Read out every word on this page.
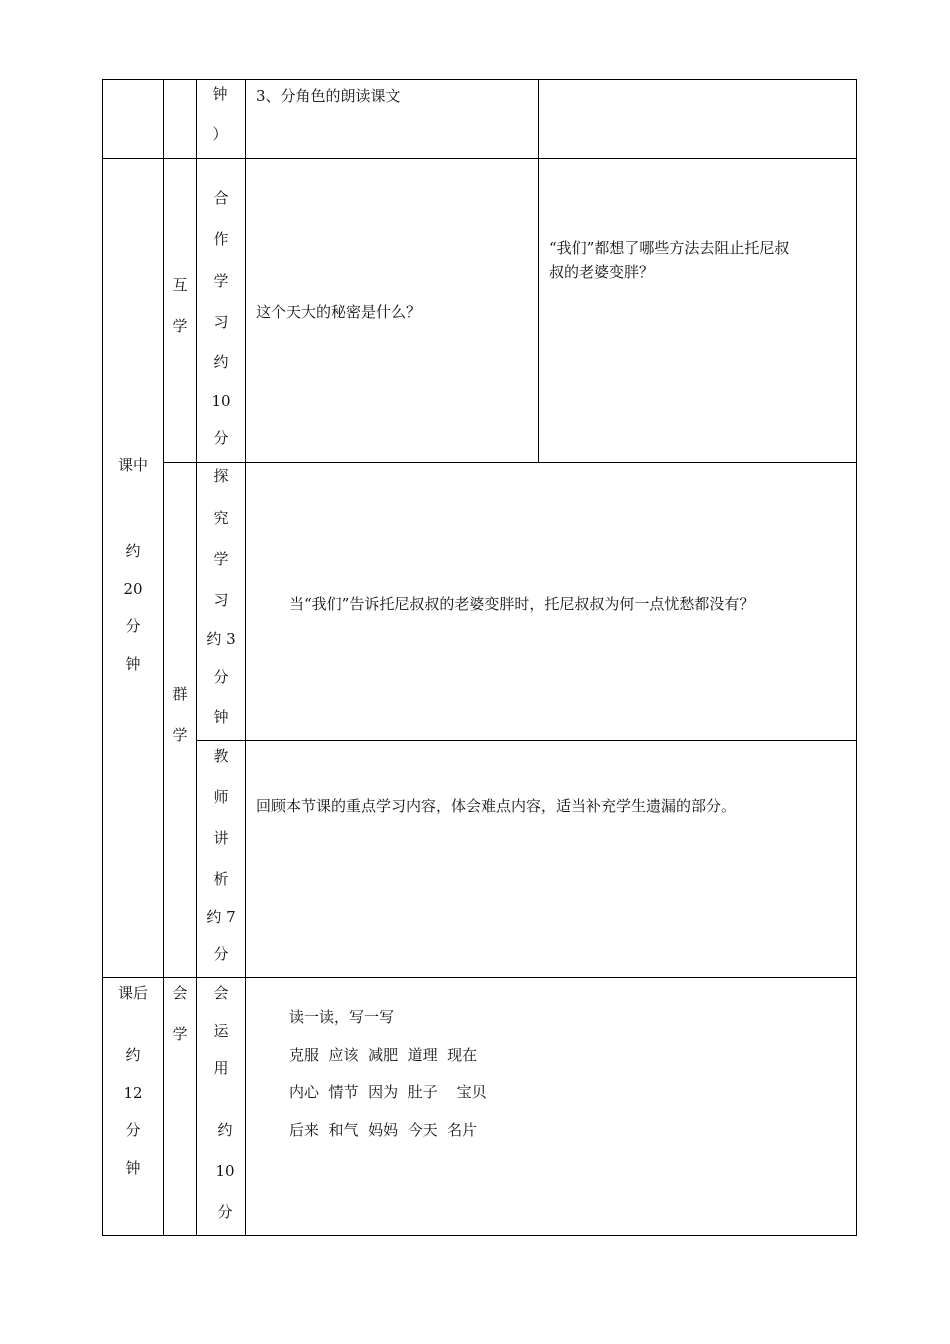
钟
）
3、分角色的朗读课文
课中
约
20
分
钟
互
学
群
学
合
作
学
习
约
10
分
这个天大的秘密是什么？
“我们”都想了哪些方法去阻止托尼叔
叔的老婆变胖？
探
究
学
习
约 3
分
钟
当“我们”告诉托尼叔叔的老婆变胖时，托尼叔叔为何一点忧愁都没有？
教
师
讲
析
约 7
分
回顾本节课的重点学习内容，体会难点内容，适当补充学生遗漏的部分。
课后
约
12
分
钟
会
学
会
运
用
约
10
分
读一读，写一写
克服  应该  减肥  道理  现在
内心  情节  因为  肚子    宝贝
后来  和气  妈妈  今天  名片
